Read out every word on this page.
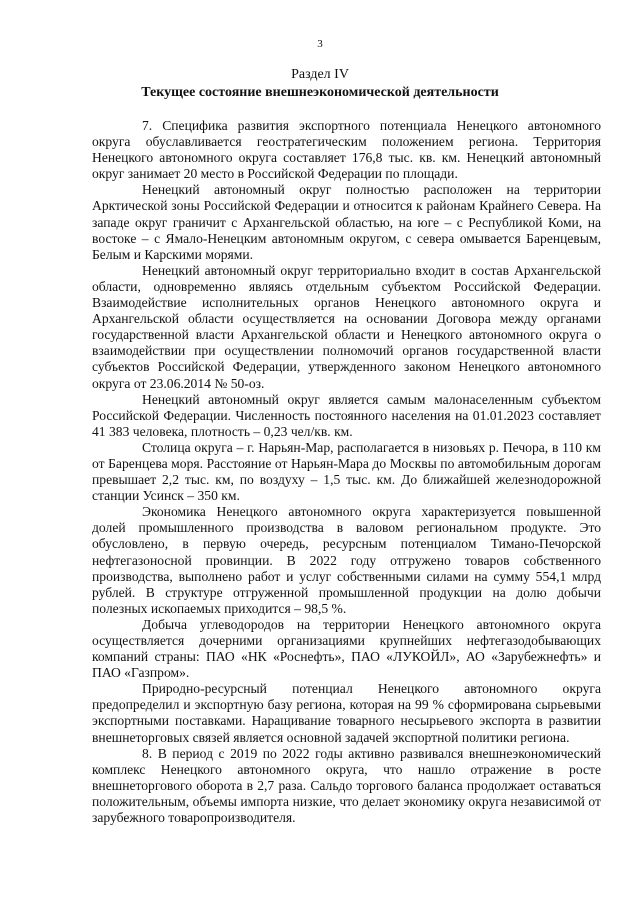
3
Раздел IV
Текущее состояние внешнеэкономической деятельности

7. Специфика развития экспортного потенциала Ненецкого автономного округа обуславливается геостратегическим положением региона. Территория Ненецкого автономного округа составляет 176,8 тыс. кв. км. Ненецкий автономный округ занимает 20 место в Российской Федерации по площади.

Ненецкий автономный округ полностью расположен на территории Арктической зоны Российской Федерации и относится к районам Крайнего Севера. На западе округ граничит с Архангельской областью, на юге – с Республикой Коми, на востоке – с Ямало-Ненецким автономным округом, с севера омывается Баренцевым, Белым и Карскими морями.

Ненецкий автономный округ территориально входит в состав Архангельской области, одновременно являясь отдельным субъектом Российской Федерации. Взаимодействие исполнительных органов Ненецкого автономного округа и Архангельской области осуществляется на основании Договора между органами государственной власти Архангельской области и Ненецкого автономного округа о взаимодействии при осуществлении полномочий органов государственной власти субъектов Российской Федерации, утвержденного законом Ненецкого автономного округа от 23.06.2014 № 50-оз.

Ненецкий автономный округ является самым малонаселенным субъектом Российской Федерации. Численность постоянного населения на 01.01.2023 составляет 41 383 человека, плотность – 0,23 чел/кв. км.

Столица округа – г. Нарьян-Мар, располагается в низовьях р. Печора, в 110 км от Баренцева моря. Расстояние от Нарьян-Мара до Москвы по автомобильным дорогам превышает 2,2 тыс. км, по воздуху – 1,5 тыс. км. До ближайшей железнодорожной станции Усинск – 350 км.

Экономика Ненецкого автономного округа характеризуется повышенной долей промышленного производства в валовом региональном продукте. Это обусловлено, в первую очередь, ресурсным потенциалом Тимано-Печорской нефтегазоносной провинции. В 2022 году отгружено товаров собственного производства, выполнено работ и услуг собственными силами на сумму 554,1 млрд рублей. В структуре отгруженной промышленной продукции на долю добычи полезных ископаемых приходится – 98,5 %.

Добыча углеводородов на территории Ненецкого автономного округа осуществляется дочерними организациями крупнейших нефтегазодобывающих компаний страны: ПАО «НК «Роснефть», ПАО «ЛУКОЙЛ», АО «Зарубежнефть» и ПАО «Газпром».

Природно-ресурсный потенциал Ненецкого автономного округа предопределил и экспортную базу региона, которая на 99 % сформирована сырьевыми экспортными поставками. Наращивание товарного несырьевого экспорта в развитии внешнеторговых связей является основной задачей экспортной политики региона.

8. В период с 2019 по 2022 годы активно развивался внешнеэкономический комплекс Ненецкого автономного округа, что нашло отражение в росте внешнеторгового оборота в 2,7 раза. Сальдо торгового баланса продолжает оставаться положительным, объемы импорта низкие, что делает экономику округа независимой от зарубежного товаропроизводителя.
